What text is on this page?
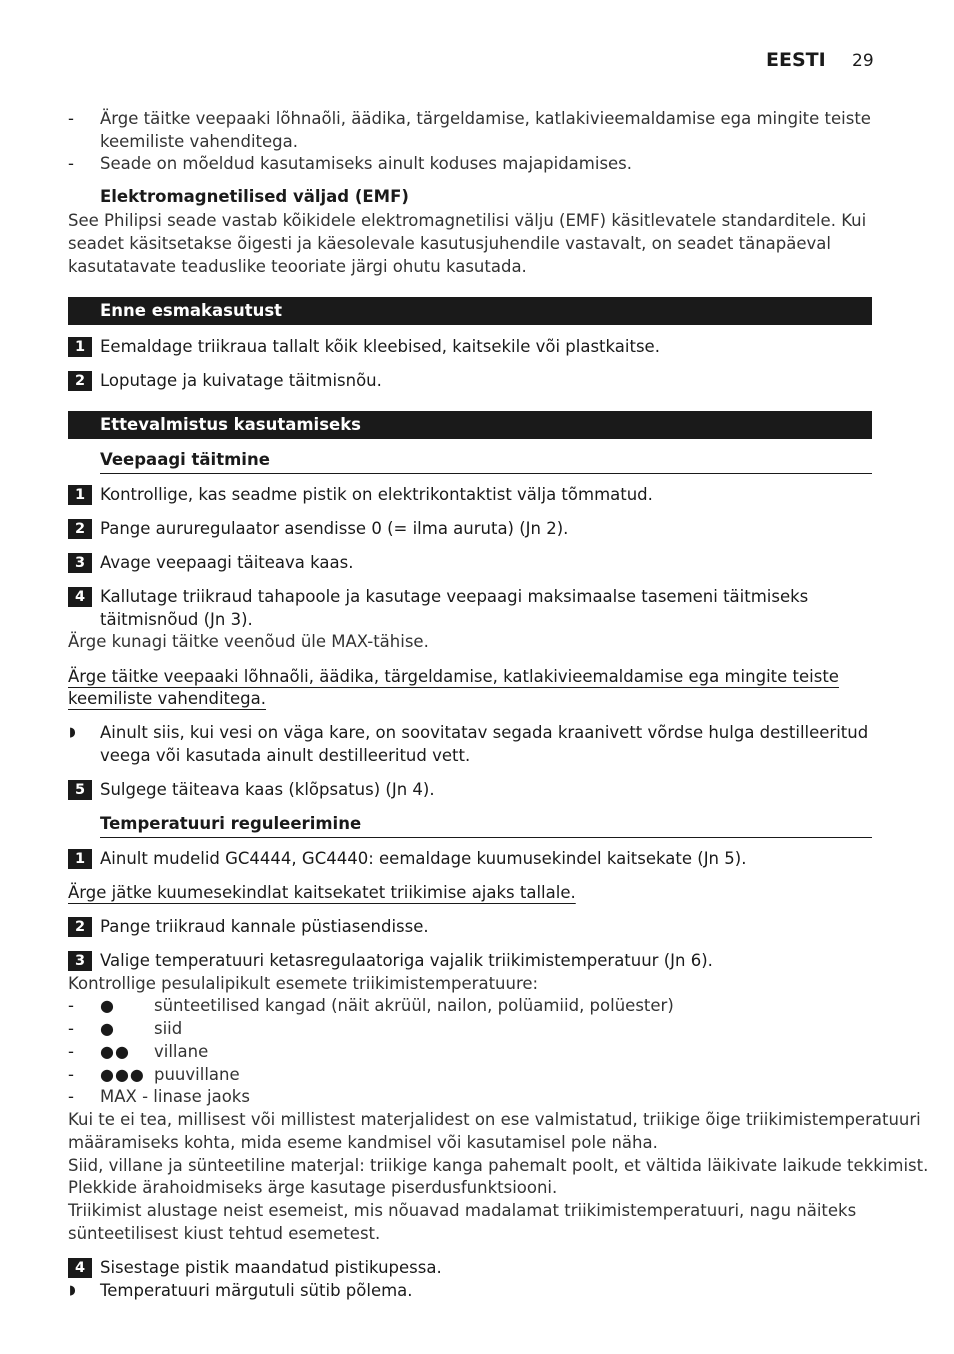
EESTI 29
- Ärge täitke veepaaki lõhnaõli, äädika, tärgeldamise, katlakivieemaldamise ega mingite teiste
keemiliste vahenditega.
- Seade on mõeldud kasutamiseks ainult koduses majapidamises.
Elektromagnetilised väljad (EMF)
See Philipsi seade vastab kõikidele elektromagnetilisi välju (EMF) käsitlevatele standarditele. Kui
seadet käsitsetakse õigesti ja käesolevale kasutusjuhendile vastavalt, on seadet tänapäeval
kasutatavate teaduslike teooriate järgi ohutu kasutada.
Enne esmakasutust
1 Eemaldage triikraua tallalt kõik kleebised, kaitsekile või plastkaitse.
2 Loputage ja kuivatage täitmisnõu.
Ettevalmistus kasutamiseks
Veepaagi täitmine
1 Kontrollige, kas seadme pistik on elektrikontaktist välja tõmmatud.
2 Pange aururegulaator asendisse 0 (= ilma auruta) (Jn 2).
3 Avage veepaagi täiteava kaas.
4 Kallutage triikraud tahapoole ja kasutage veepaagi maksimaalse tasemeni täitmiseks
täitmisnõud (Jn 3).
Ärge kunagi täitke veenõud üle MAX-tähise.
Ärge täitke veepaaki lõhnaõli, äädika, tärgeldamise, katlakivieemaldamise ega mingite teiste
keemiliste vahenditega.
◗ Ainult siis, kui vesi on väga kare, on soovitatav segada kraanivett võrdse hulga destilleeritud
veega või kasutada ainult destilleeritud vett.
5 Sulgege täiteava kaas (klõpsatus) (Jn 4).
Temperatuuri reguleerimine
1 Ainult mudelid GC4444, GC4440: eemaldage kuumusekindel kaitsekate (Jn 5).
Ärge jätke kuumesekindlat kaitsekatet triikimise ajaks tallale.
2 Pange triikraud kannale püstiasendisse.
3 Valige temperatuuri ketasregulaatoriga vajalik triikimistemperatuur (Jn 6).
Kontrollige pesulalipikult esemete triikimistemperatuure:
- ● sünteetilised kangad (näit akrüül, nailon, polüamiid, polüester)
- ● siid
- ●● villane
- ●●● puuvillane
- MAX - linase jaoks
Kui te ei tea, millisest või millistest materjalidest on ese valmistatud, triikige õige triikimistemperatuuri
määramiseks kohta, mida eseme kandmisel või kasutamisel pole näha.
Siid, villane ja sünteetiline materjal: triikige kanga pahemalt poolt, et vältida läikivate laikude tekkimist.
Plekkide ärahoidmiseks ärge kasutage piserdusfunktsiooni.
Triikimist alustage neist esemeist, mis nõuavad madalamat triikimistemperatuuri, nagu näiteks
sünteetilisest kiust tehtud esemetest.
4 Sisestage pistik maandatud pistikupessa.
◗ Temperatuuri märgutuli sütib põlema.
